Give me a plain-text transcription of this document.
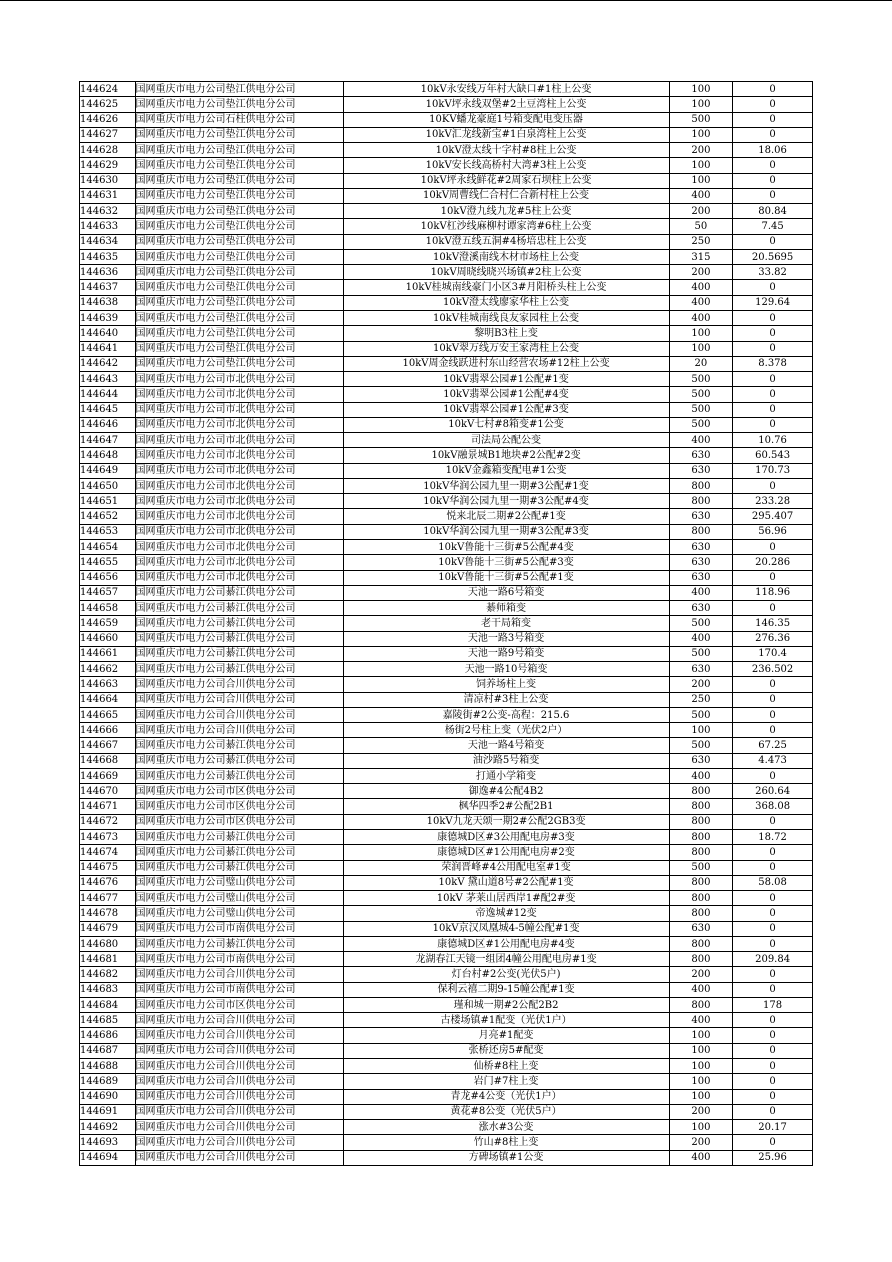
144624	国网重庆市电力公司垫江供电分公司	10kV永安线万年村大缺口#1柱上公变	100	0
144625	国网重庆市电力公司垫江供电分公司	10kV坪永线双堡#2土豆湾柱上公变	100	0
144626	国网重庆市电力公司石柱供电分公司	10KV蟠龙豪庭1号箱变配电变压器	500	0
144627	国网重庆市电力公司垫江供电分公司	10kV汇龙线新宝#1白泉湾柱上公变	100	0
144628	国网重庆市电力公司垫江供电分公司	10kV澄太线十字村#8柱上公变	200	18.06
144629	国网重庆市电力公司垫江供电分公司	10kV安长线高桥村大湾#3柱上公变	100	0
144630	国网重庆市电力公司垫江供电分公司	10kV坪永线鲜花#2周家石坝柱上公变	100	0
144631	国网重庆市电力公司垫江供电分公司	10kV周曹线仁合村仁合新村柱上公变	400	0
144632	国网重庆市电力公司垫江供电分公司	10kV澄九线九龙#5柱上公变	200	80.84
144633	国网重庆市电力公司垫江供电分公司	10kV杠沙线麻柳村谭家湾#6柱上公变	50	7.45
144634	国网重庆市电力公司垫江供电分公司	10kV澄五线五洞#4杨培忠柱上公变	250	0
144635	国网重庆市电力公司垫江供电分公司	10kV澄溪南线木材市场柱上公变	315	20.5695
144636	国网重庆市电力公司垫江供电分公司	10kV周晓线晓兴场镇#2柱上公变	200	33.82
144637	国网重庆市电力公司垫江供电分公司	10kV桂城南线豪门小区3#月阳桥头柱上公变	400	0
144638	国网重庆市电力公司垫江供电分公司	10kV澄太线廖家华柱上公变	400	129.64
144639	国网重庆市电力公司垫江供电分公司	10kV桂城南线良友家园柱上公变	400	0
144640	国网重庆市电力公司垫江供电分公司	黎明B3柱上变	100	0
144641	国网重庆市电力公司垫江供电分公司	10kV翠万线万安王家湾柱上公变	100	0
144642	国网重庆市电力公司垫江供电分公司	10kV周金线跃进村东山经营农场#12柱上公变	20	8.378
144643	国网重庆市电力公司市北供电分公司	10kV翡翠公园#1公配#1变	500	0
144644	国网重庆市电力公司市北供电分公司	10kV翡翠公园#1公配#4变	500	0
144645	国网重庆市电力公司市北供电分公司	10kV翡翠公园#1公配#3变	500	0
144646	国网重庆市电力公司市北供电分公司	10kV七村#8箱变#1公变	500	0
144647	国网重庆市电力公司市北供电分公司	司法局公配公变	400	10.76
144648	国网重庆市电力公司市北供电分公司	10kV融景城B1地块#2公配#2变	630	60.543
144649	国网重庆市电力公司市北供电分公司	10kV金鑫箱变配电#1公变	630	170.73
144650	国网重庆市电力公司市北供电分公司	10kV华润公园九里一期#3公配#1变	800	0
144651	国网重庆市电力公司市北供电分公司	10kV华润公园九里一期#3公配#4变	800	233.28
144652	国网重庆市电力公司市北供电分公司	悦来北辰二期#2公配#1变	630	295.407
144653	国网重庆市电力公司市北供电分公司	10kV华润公园九里一期#3公配#3变	800	56.96
144654	国网重庆市电力公司市北供电分公司	10kV鲁能十三街#5公配#4变	630	0
144655	国网重庆市电力公司市北供电分公司	10kV鲁能十三街#5公配#3变	630	20.286
144656	国网重庆市电力公司市北供电分公司	10kV鲁能十三街#5公配#1变	630	0
144657	国网重庆市电力公司綦江供电分公司	天池一路6号箱变	400	118.96
144658	国网重庆市电力公司綦江供电分公司	綦师箱变	630	0
144659	国网重庆市电力公司綦江供电分公司	老干局箱变	500	146.35
144660	国网重庆市电力公司綦江供电分公司	天池一路3号箱变	400	276.36
144661	国网重庆市电力公司綦江供电分公司	天池一路9号箱变	500	170.4
144662	国网重庆市电力公司綦江供电分公司	天池一路10号箱变	630	236.502
144663	国网重庆市电力公司合川供电分公司	饲养场柱上变	200	0
144664	国网重庆市电力公司合川供电分公司	清凉村#3柱上公变	250	0
144665	国网重庆市电力公司合川供电分公司	嘉陵街#2公变-高程：215.6	500	0
144666	国网重庆市电力公司合川供电分公司	杨街2号柱上变（光伏2户）	100	0
144667	国网重庆市电力公司綦江供电分公司	天池一路4号箱变	500	67.25
144668	国网重庆市电力公司綦江供电分公司	油沙路5号箱变	630	4.473
144669	国网重庆市电力公司綦江供电分公司	打通小学箱变	400	0
144670	国网重庆市电力公司市区供电分公司	御逸#4公配4B2	800	260.64
144671	国网重庆市电力公司市区供电分公司	枫华四季2#公配2B1	800	368.08
144672	国网重庆市电力公司市区供电分公司	10kV九龙天颂一期2#公配2GB3变	800	0
144673	国网重庆市电力公司綦江供电分公司	康德城D区#3公用配电房#3变	800	18.72
144674	国网重庆市电力公司綦江供电分公司	康德城D区#1公用配电房#2变	800	0
144675	国网重庆市电力公司綦江供电分公司	荣润晋峰#4公用配电室#1变	500	0
144676	国网重庆市电力公司璧山供电分公司	10kV 黛山道8号#2公配#1变	800	58.08
144677	国网重庆市电力公司璧山供电分公司	10kV 茅莱山居西岸1#配2#变	800	0
144678	国网重庆市电力公司璧山供电分公司	帝逸城#12变	800	0
144679	国网重庆市电力公司市南供电分公司	10kV京汉凤凰城4-5幢公配#1变	630	0
144680	国网重庆市电力公司綦江供电分公司	康德城D区#1公用配电房#4变	800	0
144681	国网重庆市电力公司市南供电分公司	龙湖春江天镜一组团4幢公用配电房#1变	800	209.84
144682	国网重庆市电力公司合川供电分公司	灯台村#2公变(光伏5户)	200	0
144683	国网重庆市电力公司市南供电分公司	保利云禧二期9-15幢公配#1变	400	0
144684	国网重庆市电力公司市区供电分公司	瑾和城一期#2公配2B2	800	178
144685	国网重庆市电力公司合川供电分公司	古楼场镇#1配变（光伏1户）	400	0
144686	国网重庆市电力公司合川供电分公司	月亮#1配变	100	0
144687	国网重庆市电力公司合川供电分公司	张桥还房5#配变	100	0
144688	国网重庆市电力公司合川供电分公司	仙桥#8柱上变	100	0
144689	国网重庆市电力公司合川供电分公司	岩门#7柱上变	100	0
144690	国网重庆市电力公司合川供电分公司	青龙#4公变（光伏1户）	100	0
144691	国网重庆市电力公司合川供电分公司	黄花#8公变（光伏5户）	200	0
144692	国网重庆市电力公司合川供电分公司	涨水#3公变	100	20.17
144693	国网重庆市电力公司合川供电分公司	竹山#8柱上变	200	0
144694	国网重庆市电力公司合川供电分公司	方碑场镇#1公变	400	25.96
